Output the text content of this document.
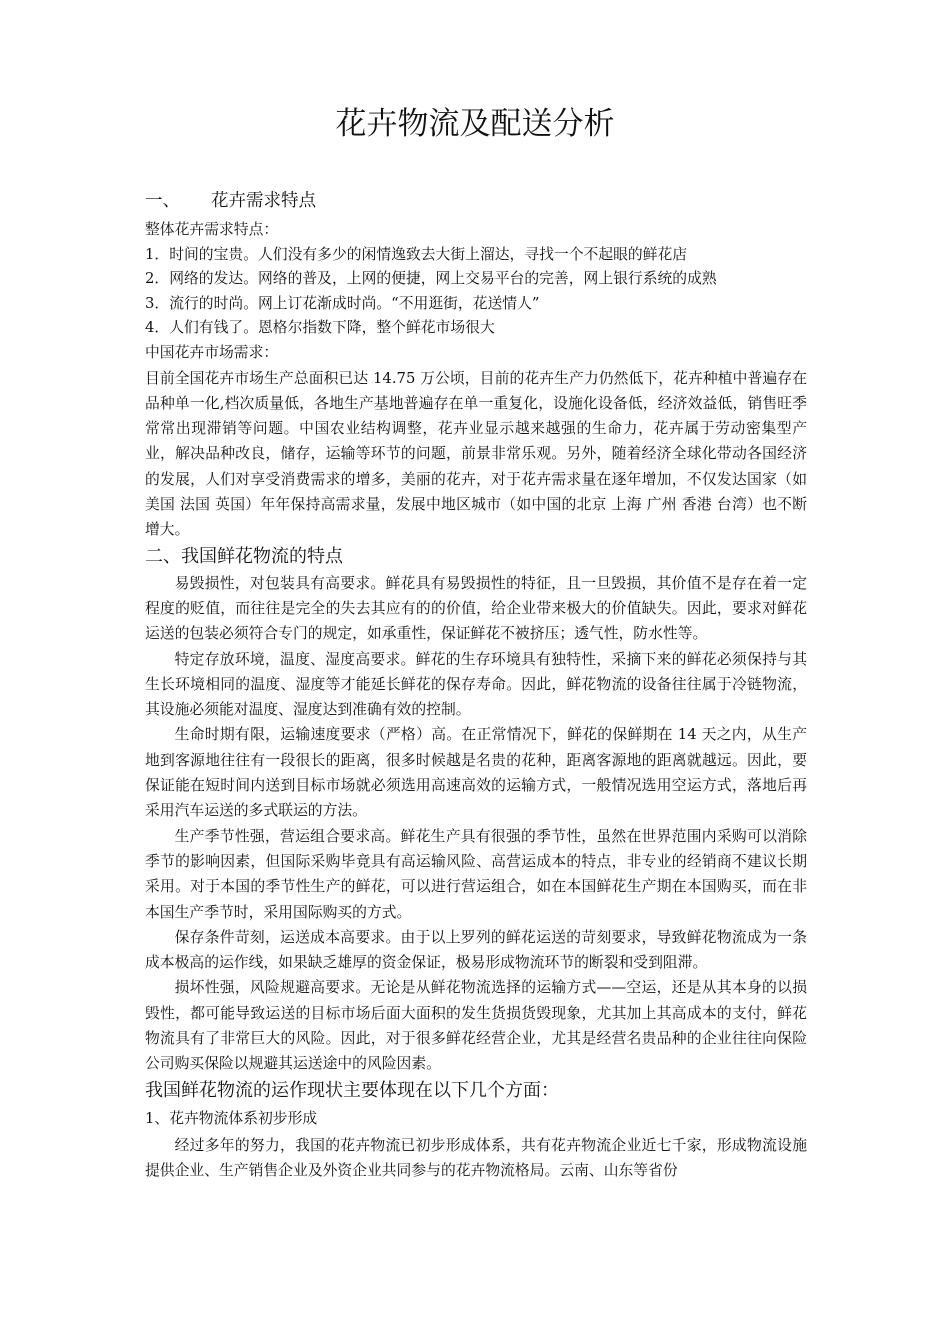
花卉物流及配送分析
一、 花卉需求特点

整体花卉需求特点：

1．时间的宝贵。人们没有多少的闲情逸致去大街上溜达，寻找一个不起眼的鲜花店

2．网络的发达。网络的普及，上网的便捷，网上交易平台的完善，网上银行系统的成熟

3．流行的时尚。网上订花渐成时尚。“不用逛街，花送情人”

4．人们有钱了。恩格尔指数下降，整个鲜花市场很大

中国花卉市场需求：

目前全国花卉市场生产总面积已达 14.75 万公顷，目前的花卉生产力仍然低下，花卉种植中普遍存在品种单一化,档次质量低，各地生产基地普遍存在单一重复化，设施化设备低，经济效益低，销售旺季常常出现滞销等问题。中国农业结构调整，花卉业显示越来越强的生命力，花卉属于劳动密集型产业，解决品种改良，储存，运输等环节的问题，前景非常乐观。另外，随着经济全球化带动各国经济的发展，人们对享受消费需求的增多，美丽的花卉，对于花卉需求量在逐年增加，不仅发达国家（如美国 法国 英国）年年保持高需求量，发展中地区城市（如中国的北京 上海 广州 香港 台湾）也不断增大。

二、我国鲜花物流的特点

易毁损性，对包装具有高要求。鲜花具有易毁损性的特征，且一旦毁损，其价值不是存在着一定程度的贬值，而往往是完全的失去其应有的的价值，给企业带来极大的价值缺失。因此，要求对鲜花运送的包装必须符合专门的规定，如承重性，保证鲜花不被挤压；透气性，防水性等。

特定存放环境，温度、湿度高要求。鲜花的生存环境具有独特性，采摘下来的鲜花必须保持与其生长环境相同的温度、湿度等才能延长鲜花的保存寿命。因此，鲜花物流的设备往往属于冷链物流，其设施必须能对温度、湿度达到准确有效的控制。

生命时期有限，运输速度要求（严格）高。在正常情况下，鲜花的保鲜期在 14 天之内，从生产地到客源地往往有一段很长的距离，很多时候越是名贵的花种，距离客源地的距离就越远。因此，要保证能在短时间内送到目标市场就必须选用高速高效的运输方式，一般情况选用空运方式，落地后再采用汽车运送的多式联运的方法。

生产季节性强，营运组合要求高。鲜花生产具有很强的季节性，虽然在世界范围内采购可以消除季节的影响因素，但国际采购毕竟具有高运输风险、高营运成本的特点，非专业的经销商不建议长期采用。对于本国的季节性生产的鲜花，可以进行营运组合，如在本国鲜花生产期在本国购买，而在非本国生产季节时，采用国际购买的方式。

保存条件苛刻，运送成本高要求。由于以上罗列的鲜花运送的苛刻要求，导致鲜花物流成为一条成本极高的运作线，如果缺乏雄厚的资金保证，极易形成物流环节的断裂和受到阻滞。

损坏性强，风险规避高要求。无论是从鲜花物流选择的运输方式——空运，还是从其本身的以损毁性，都可能导致运送的目标市场后面大面积的发生货损货毁现象，尤其加上其高成本的支付，鲜花物流具有了非常巨大的风险。因此，对于很多鲜花经营企业，尤其是经营名贵品种的企业往往向保险公司购买保险以规避其运送途中的风险因素。

我国鲜花物流的运作现状主要体现在以下几个方面：

1、花卉物流体系初步形成

经过多年的努力，我国的花卉物流已初步形成体系，共有花卉物流企业近七千家，形成物流设施提供企业、生产销售企业及外资企业共同参与的花卉物流格局。云南、山东等省份
